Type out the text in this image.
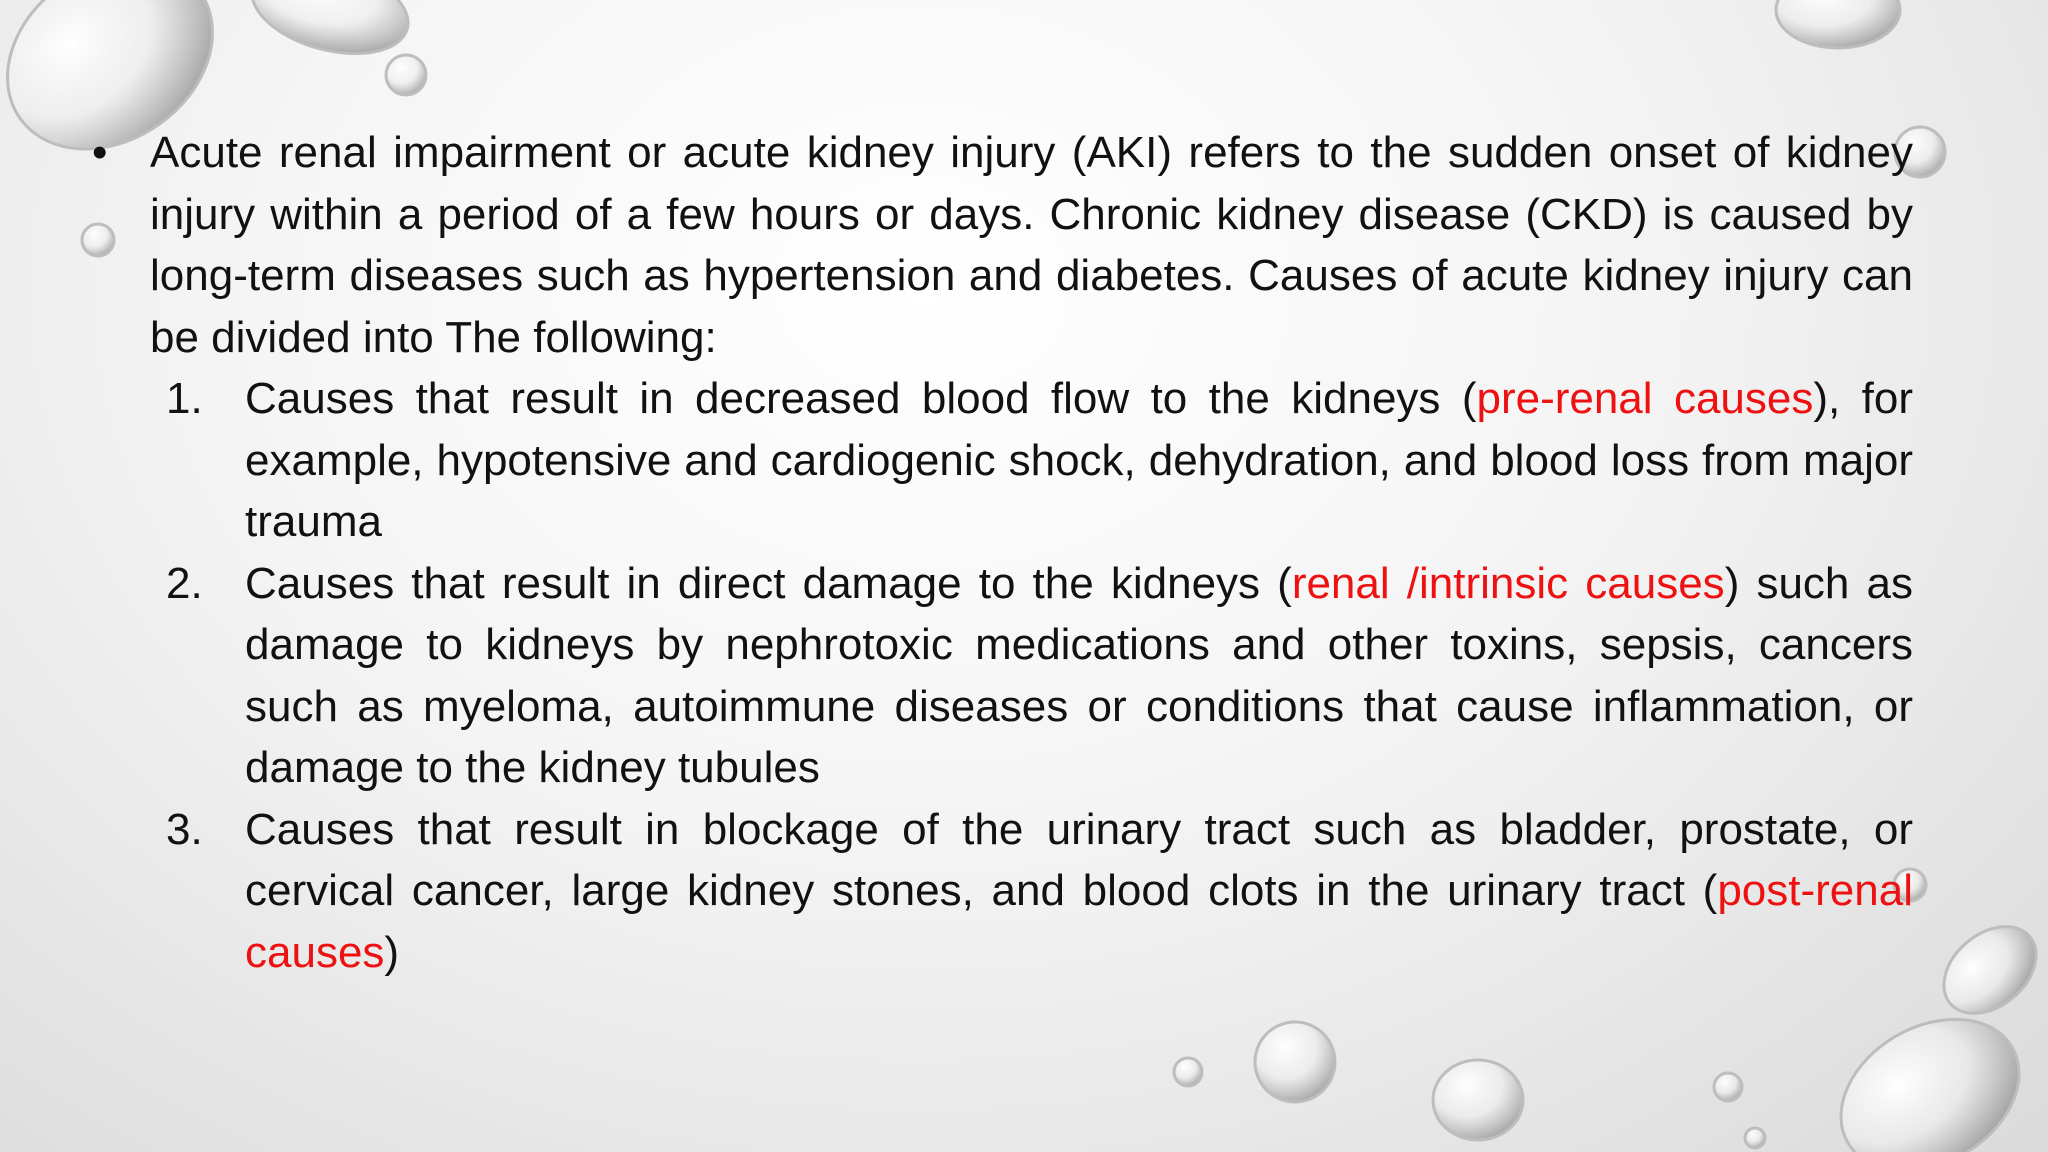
• Acute renal impairment or acute kidney injury (AKI) refers to the sudden onset of kidney injury within a period of a few hours or days. Chronic kidney disease (CKD) is caused by long-term diseases such as hypertension and diabetes. Causes of acute kidney injury can be divided into The following:
1. Causes that result in decreased blood flow to the kidneys (pre-renal causes), for example, hypotensive and cardiogenic shock, dehydration, and blood loss from major trauma
2. Causes that result in direct damage to the kidneys (renal /intrinsic causes) such as damage to kidneys by nephrotoxic medications and other toxins, sepsis, cancers such as myeloma, autoimmune diseases or conditions that cause inflammation, or damage to the kidney tubules
3. Causes that result in blockage of the urinary tract such as bladder, prostate, or cervical cancer, large kidney stones, and blood clots in the urinary tract (post-renal causes)
